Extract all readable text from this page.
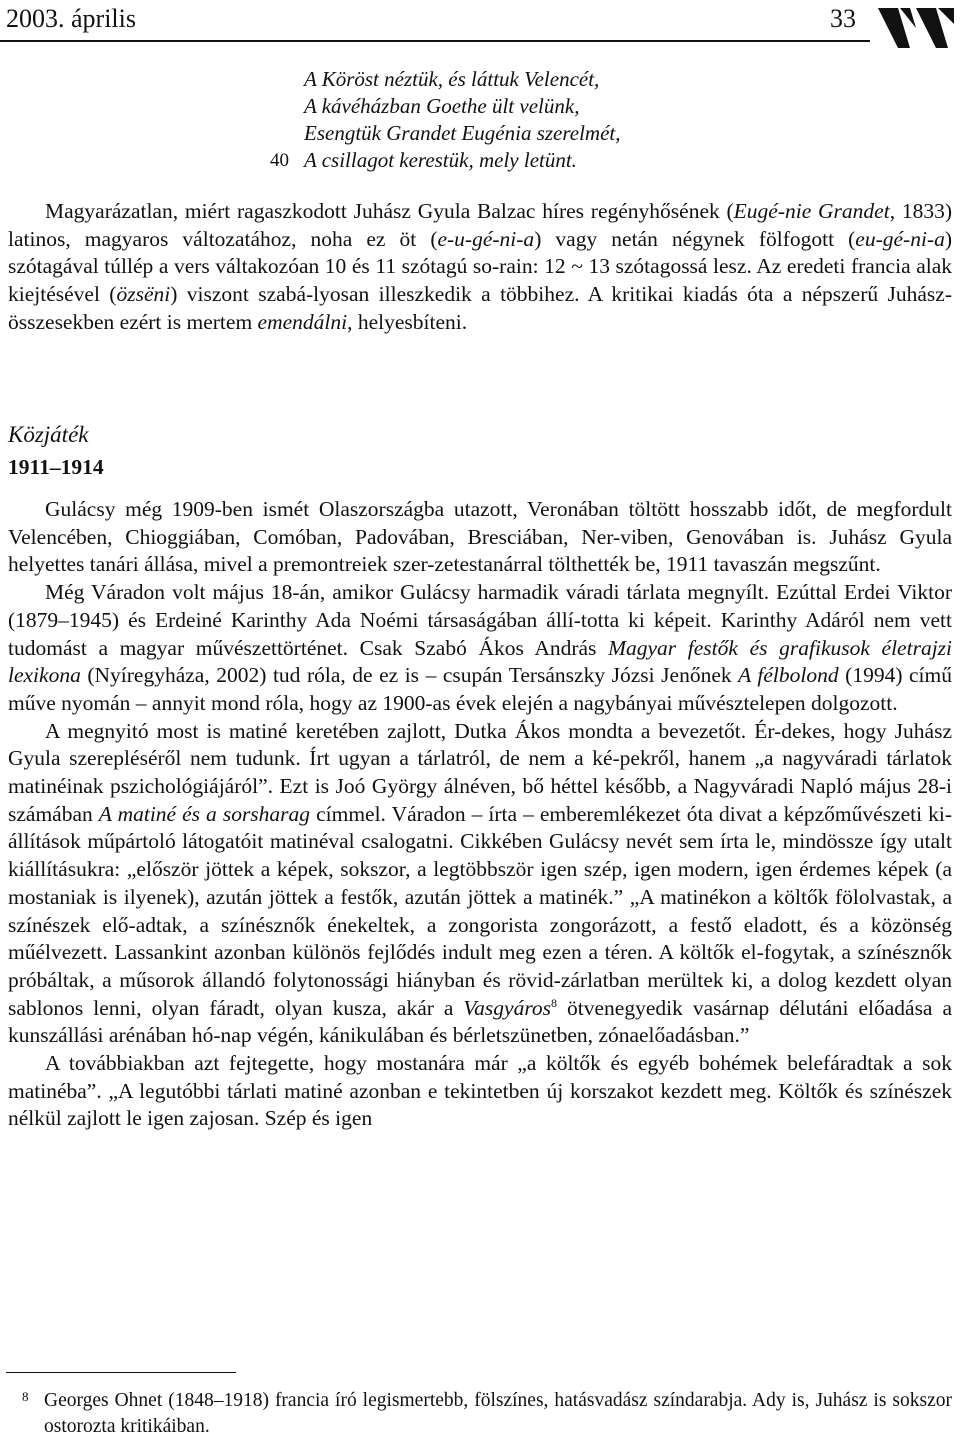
2003. április	33
A Köröst néztük, és láttuk Velencét,
A kávéházban Goethe ült velünk,
Esengtük Grandet Eugénia szerelmét,
40 A csillagot kerestük, mely letünt.

Magyarázatlan, miért ragaszkodott Juhász Gyula Balzac híres regényhősének (Eugé-nie Grandet, 1833) latinos, magyaros változatához, noha ez öt (e-u-gé-ni-a) vagy netán négynek fölfogott (eu-gé-ni-a) szótagával túllép a vers váltakozóan 10 és 11 szótagú so-rain: 12 ~ 13 szótagossá lesz. Az eredeti francia alak kiejtésével (özsëni) viszont szabá-lyosan illeszkedik a többihez. A kritikai kiadás óta a népszerű Juhász-összesekben ezért is mertem emendálni, helyesbíteni.

Közjáték
1911–1914

Gulácsy még 1909-ben ismét Olaszországba utazott, Veronában töltött hosszabb időt, de megfordult Velencében, Chioggiában, Comóban, Padovában, Bresciában, Ner-viben, Genovában is. Juhász Gyula helyettes tanári állása, mivel a premontreiek szer-zetestanárral tölthették be, 1911 tavaszán megszűnt.

Még Váradon volt május 18-án, amikor Gulácsy harmadik váradi tárlata megnyílt. Ezúttal Erdei Viktor (1879–1945) és Erdeiné Karinthy Ada Noémi társaságában állí-totta ki képeit. Karinthy Adáról nem vett tudomást a magyar művészettörténet. Csak Szabó Ákos András Magyar festők és grafikusok életrajzi lexikona (Nyíregyháza, 2002) tud róla, de ez is – csupán Tersánszky Józsi Jenőnek A félbolond (1994) című műve nyomán – annyit mond róla, hogy az 1900-as évek elején a nagybányai művésztelepen dolgozott.

A megnyitó most is matiné keretében zajlott, Dutka Ákos mondta a bevezetőt. Ér-dekes, hogy Juhász Gyula szerepléséről nem tudunk. Írt ugyan a tárlatról, de nem a ké-pekről, hanem „a nagyváradi tárlatok matinéinak pszichológiájáról”. Ezt is Joó György álnéven, bő héttel később, a Nagyváradi Napló május 28-i számában A matiné és a sorsharag címmel. Váradon – írta – emberemlékezet óta divat a képzőművészeti ki-állítások műpártoló látogatóit matinéval csalogatni. Cikkében Gulácsy nevét sem írta le, mindössze így utalt kiállításukra: „először jöttek a képek, sokszor, a legtöbbször igen szép, igen modern, igen érdemes képek (a mostaniak is ilyenek), azután jöttek a festők, azután jöttek a matinék.” „A matinékon a költők fölolvastak, a színészek elő-adtak, a színésznők énekeltek, a zongorista zongorázott, a festő eladott, és a közönség műélvezett. Lassankint azonban különös fejlődés indult meg ezen a téren. A költők el-fogytak, a színésznők próbáltak, a műsorok állandó folytonossági hiányban és rövid-zárlatban merültek ki, a dolog kezdett olyan sablonos lenni, olyan fáradt, olyan kusza, akár a Vasgyáros$^8$ ötvenegyedik vasárnap délutáni előadása a kunszállási arénában hó-nap végén, kánikulában és bérletszünetben, zónaelőadásban.”

A továbbiakban azt fejtegette, hogy mostanára már „a költők és egyéb bohémek belefáradtak a sok matinéba”. „A legutóbbi tárlati matiné azonban e tekintetben új korszakot kezdett meg. Költők és színészek nélkül zajlott le igen zajosan. Szép és igen

8 Georges Ohnet (1848–1918) francia író legismertebb, fölszínes, hatásvadász színdarabja. Ady is, Juhász is sokszor ostorozta kritikáiban.
